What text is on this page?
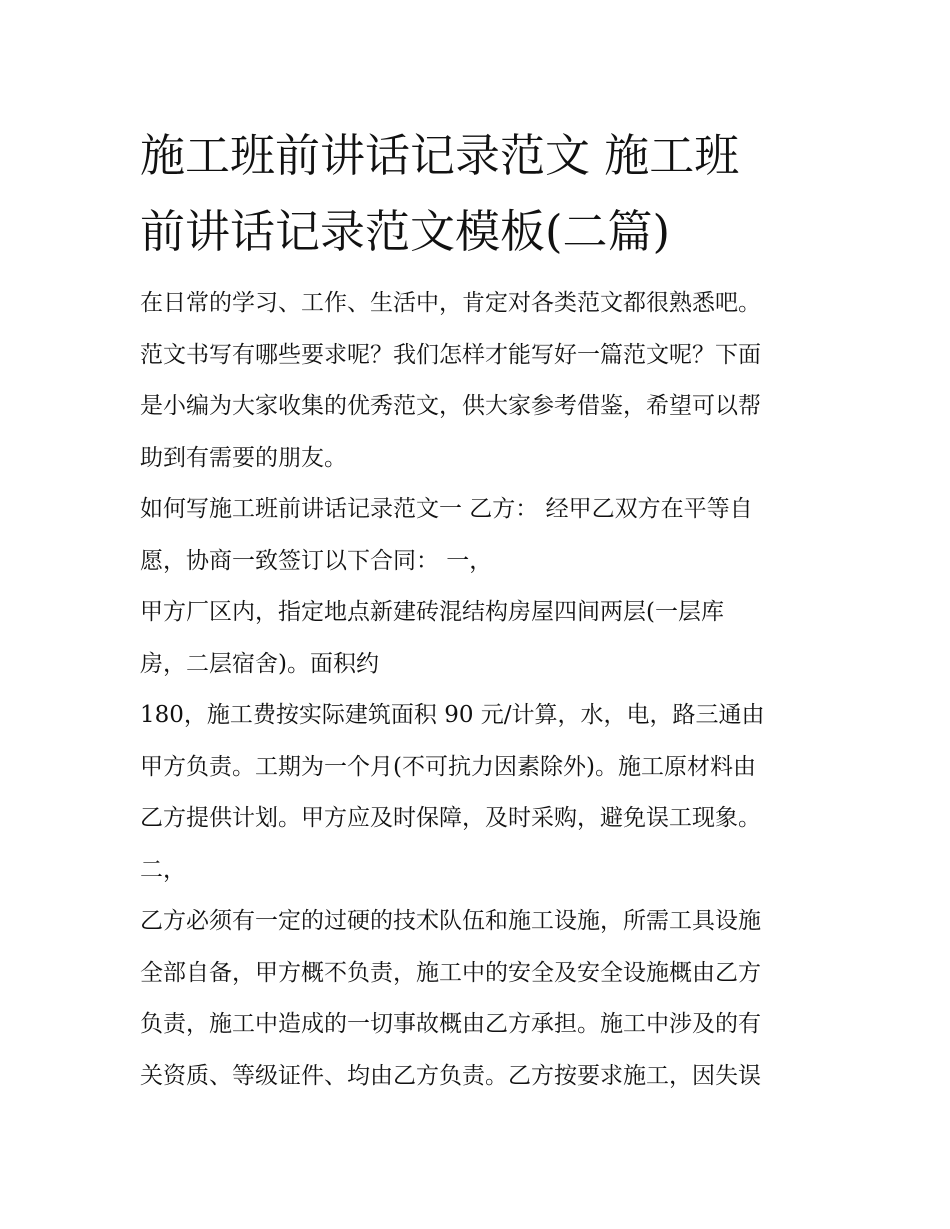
施工班前讲话记录范文 施工班
前讲话记录范文模板(二篇)
在日常的学习、工作、生活中，肯定对各类范文都很熟悉吧。
范文书写有哪些要求呢？我们怎样才能写好一篇范文呢？下面
是小编为大家收集的优秀范文，供大家参考借鉴，希望可以帮
助到有需要的朋友。
如何写施工班前讲话记录范文一 乙方： 经甲乙双方在平等自
愿，协商一致签订以下合同： 一，
甲方厂区内，指定地点新建砖混结构房屋四间两层(一层库
房，二层宿舍)。面积约
180，施工费按实际建筑面积 90 元/计算，水，电，路三通由
甲方负责。工期为一个月(不可抗力因素除外)。施工原材料由
乙方提供计划。甲方应及时保障，及时采购，避免误工现象。
二，
乙方必须有一定的过硬的技术队伍和施工设施，所需工具设施
全部自备，甲方概不负责，施工中的安全及安全设施概由乙方
负责，施工中造成的一切事故概由乙方承担。施工中涉及的有
关资质、等级证件、均由乙方负责。乙方按要求施工，因失误
